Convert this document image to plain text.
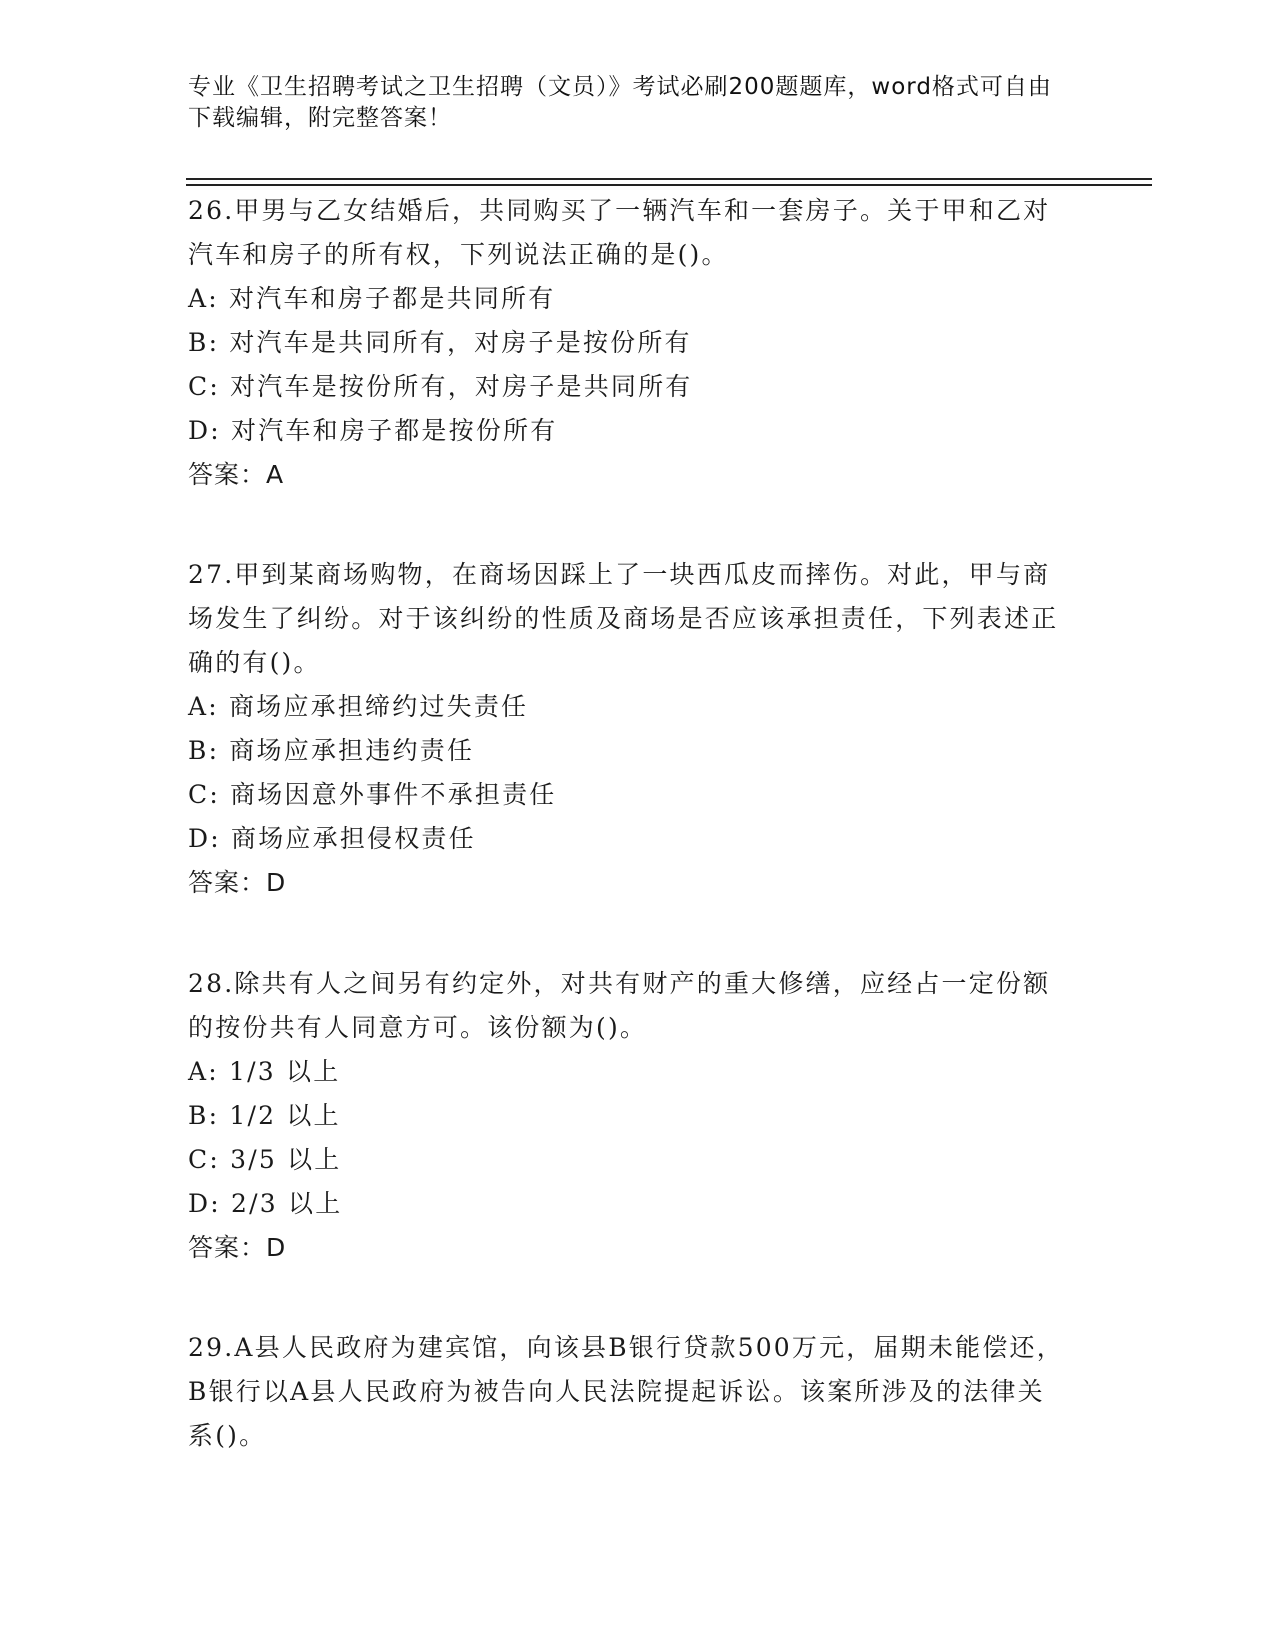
专业《卫生招聘考试之卫生招聘（文员）》考试必刷200题题库，word格式可自由下载编辑，附完整答案！

26.甲男与乙女结婚后，共同购买了一辆汽车和一套房子。关于甲和乙对汽车和房子的所有权，下列说法正确的是()。

A: 对汽车和房子都是共同所有

B: 对汽车是共同所有，对房子是按份所有

C: 对汽车是按份所有，对房子是共同所有

D: 对汽车和房子都是按份所有

答案：A

27.甲到某商场购物，在商场因踩上了一块西瓜皮而摔伤。对此，甲与商场发生了纠纷。对于该纠纷的性质及商场是否应该承担责任，下列表述正确的有()。

A: 商场应承担缔约过失责任

B: 商场应承担违约责任

C: 商场因意外事件不承担责任

D: 商场应承担侵权责任

答案：D

28.除共有人之间另有约定外，对共有财产的重大修缮，应经占一定份额的按份共有人同意方可。该份额为()。

A: 1/3 以上

B: 1/2 以上

C: 3/5 以上

D: 2/3 以上

答案：D

29.A县人民政府为建宾馆，向该县B银行贷款500万元，届期未能偿还，B银行以A县人民政府为被告向人民法院提起诉讼。该案所涉及的法律关系()。
